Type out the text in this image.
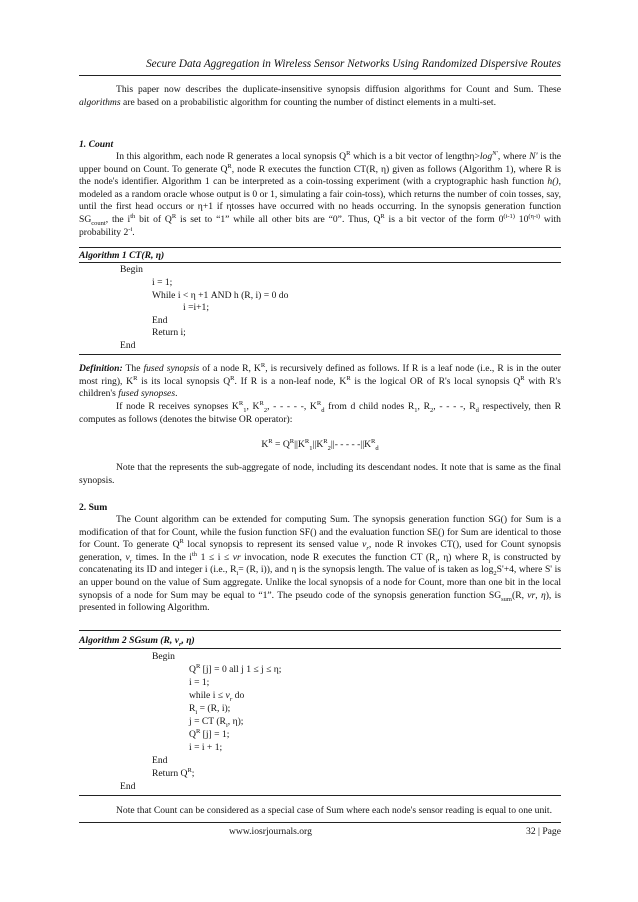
Secure Data Aggregation in Wireless Sensor Networks Using Randomized Dispersive Routes
This paper now describes the duplicate-insensitive synopsis diffusion algorithms for Count and Sum. These algorithms are based on a probabilistic algorithm for counting the number of distinct elements in a multi-set.
1. Count
In this algorithm, each node R generates a local synopsis $Q^R$ which is a bit vector of $length\eta>\log^{N'}$, where N' is the upper bound on Count. To generate $Q^R$, node R executes the function CT(R, η) given as follows (Algorithm 1), where R is the node's identifier. Algorithm 1 can be interpreted as a coin-tossing experiment (with a cryptographic hash function h(), modeled as a random oracle whose output is 0 or 1, simulating a fair coin-toss), which returns the number of coin tosses, say, until the first head occurs or η+1 if ηtosses have occurred with no heads occurring. In the synopsis generation function $SG_{count}$, the $i^{th}$ bit of $Q^R$ is set to “1” while all other bits are “0”. Thus, $Q^R$ is a bit vector of the form 0$^{(i-1)}$ $10^{(\eta-i)}$ with probability $2^{-i}$.
Algorithm 1 CT(R, η)
Begin
i = 1;
While i < η +1 AND h (R, i) = 0 do
i =i+1;
End
Return i;
End
Definition: The fused synopsis of a node R, $K^R$, is recursively defined as follows. If R is a leaf node (i.e., R is in the outer most ring), $K^R$ is its local synopsis $Q^R$. If R is a non-leaf node, $K^R$ is the logical OR of R's local synopsis $Q^R$ with R's children's fused synopses.
If node R receives synopses $K^R_1$, $K^R_2$, - - - - -, $K^R_d$ from d child nodes $R_1$, $R_2$, - - - -, $R_d$ respectively, then R computes as follows (denotes the bitwise OR operator):
$K^R = Q^R||K^R_1||K^R_2||-$ - - - $-||K^R_d$
Note that the represents the sub-aggregate of node, including its descendant nodes. It note that is same as the final synopsis.
2. Sum
The Count algorithm can be extended for computing Sum. The synopsis generation function SG() for Sum is a modification of that for Count, while the fusion function SF() and the evaluation function SE() for Sum are identical to those for Count. To generate $Q^R$ local synopsis to represent its sensed value $v_r$, node R invokes CT(), used for Count synopsis generation, $v_r$ times. In the $i^{th}$ 1 ≤ i ≤ vr invocation, node R executes the function CT ($R_i$, η) where $R_i$ is constructed by concatenating its ID and integer i (i.e., $R_i= (R$, i)), and η is the synopsis length. The value of is taken as $\log_2S'+4$, where S' is an upper bound on the value of Sum aggregate. Unlike the local synopsis of a node for Count, more than one bit in the local synopsis of a node for Sum may be equal to “1”. The pseudo code of the synopsis generation function $SG_{sum}(R$, vr, η), is presented in following Algorithm.
Algorithm 2 SGsum (R, $v_r$, η)
Begin
$Q^R$ [j] = 0 all j 1 ≤ j ≤ η;
i = 1;
while $i \le v_r$ do
$R_i = (R$, i);
j = CT ($R_i$, η);
$Q^R$ [j] = 1;
i = i + 1;
End
Return $Q^R$;
End
Note that Count can be considered as a special case of Sum where each node's sensor reading is equal to one unit.
www.iosrjournals.org	32 | Page
